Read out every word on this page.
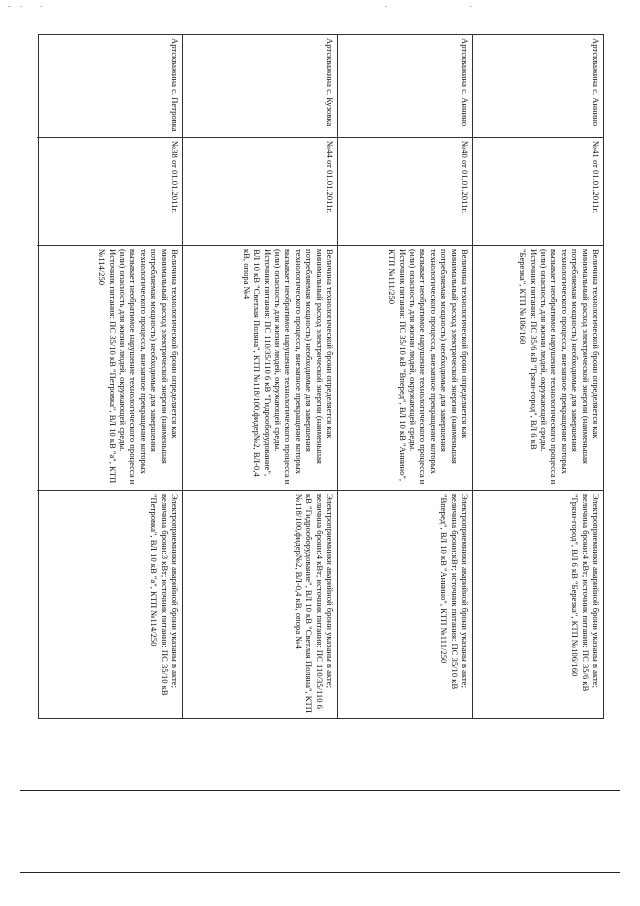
Артскважина с. Аннино
№41 от 01.01.2011г.
Величина технологической брони определяется как минимальный расход электрической энергии (наименьшая потребляемая мощность) необходимые для завершения технологического процесса, внезапное прекращение которых вызывает необратимое нарушение технологического процесса и (или) опасность для жизни людей, окружающей среды. Источник питания: ПС 35/6 кВ "Грязи-город", ВЛ 6 кВ "Березка", КТП №106/160
Электроприемники аварийной брони указаны в акте; величина брони:4 кВт; источник питания: ПС 35/6 кВ "Грязи-город", ВЛ 6 кВ "Березка", КТП №106/160
Артскважина с. Аннино
№40 от 01.01.2011г.
Величина технологической брони определяется как минимальный расход электрической энергии (наименьшая потребляемая мощность) необходимые для завершения технологического процесса, внезапное прекращение которых вызывает необратимое нарушение технологического процесса и (или) опасность для жизни людей, окружающей среды. Источник питания: ПС 35/10 кВ "Вперед", ВЛ 10 кВ "Аннино", КТП №111/250
Электроприемники аварийной брони указаны в акте; величина брони:кВт; источник питания: ПС 35/10 кВ "Вперед", ВЛ 10 кВ "Аннино", КТП №111/250
Артскважина с. Кузовка
№44 от 01.01.2011г.
Величина технологической брони определяется как минимальный расход электрической энергии (наименьшая потребляемая мощность) необходимые для завершения технологического процесса, внезапное прекращение которых вызывает необратимое нарушение технологического процесса и (или) опасность для жизни людей, окружающей среды. Источник питания: ПС 110/35/110 6 кВ "Гидрооборудование", ВЛ 10 кВ "Светлая Поляна", КТП №118/100,фидер№2, ВЛ-0,4 кВ, опора №4
Электроприемники аварийной брони указаны в акте; величина брони:4 кВт; источник питания: ПС 110/35/110 6 кВ "Гидрооборудование", ВЛ 10 кВ "Светлая Поляна", КТП №118/100,фидер№2, ВЛ-0,4 кВ, опора №4
Артскважина с. Петровка
№38 от 01.01.2011г.
Величина технологической брони определяется как минимальный расход электрической энергии (наименьшая потребляемая мощность) необходимые для завершения технологического процесса, внезапное прекращение которых вызывает необратимое нарушение технологического процесса и (или) опасность для жизни людей, окружающей среды. Источник питания: ПС 35/10 кВ "Петровка", ВЛ 10 кВ "а", КТП №114/250
Электроприемники аварийной брони указаны в акте; величина брони:3 кВт; источник питания: ПС 35/10 кВ "Петровка", ВЛ 10 кВ "а", КТП №114/250
